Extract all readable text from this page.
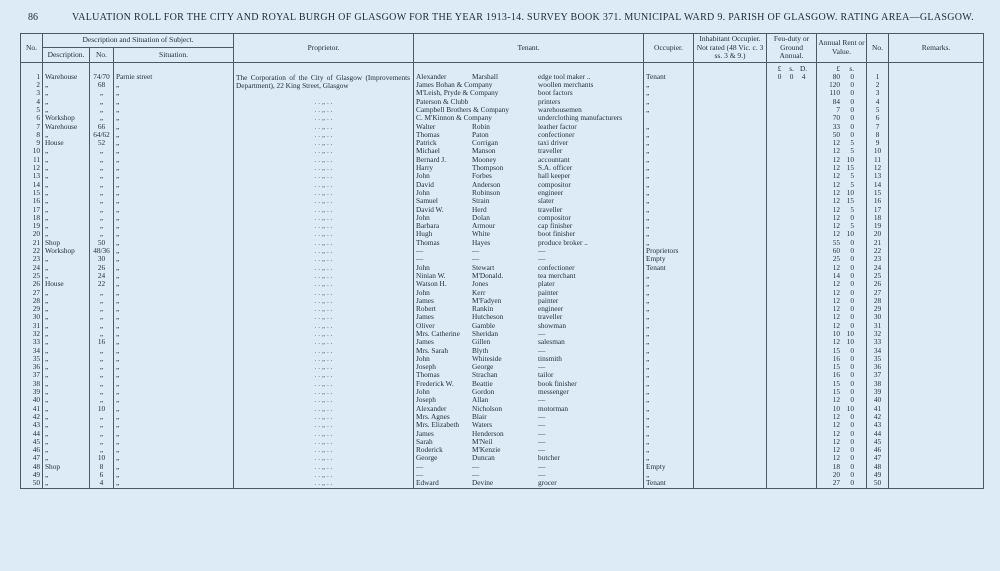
86	VALUATION ROLL FOR THE CITY AND ROYAL BURGH OF GLASGOW FOR THE YEAR 1913-14. SURVEY BOOK 371. MUNICIPAL WARD 9. PARISH OF GLASGOW. RATING AREA—GLASGOW.
No.	Description and Situation of Subject.			Proprietor.	Tenant.	Occupier.	Inhabitant Occupier. Not rated (48 Vic. c. 3 ss. 3 & 9.)	Feu-duty or Ground Annual.	Annual Rent or Value.	No.	Remarks.
	Description.	No.	Situation.								

								£ s. D.	£ s.		

1	Warehouse	74/70	Parnie street	The Corporation of the City of Glasgow (Improvements Department), 22 King Street, Glasgow	Alexander Marshall edge tool maker ..	Tenant		0 0 4	80 0	1	
2	„	68	„		James Bohan & Company woollen merchants	„			120 0	2	
3	„	„	„		M'Leish, Pryde & Company boot factors	„			110 0	3	
4	„	„	„	. . „ . .	Paterson & Clubb printers	„			84 0	4	
5	„	„	„	. . „ . .	Campbell Brothers & Company warehousemen	„			7 0	5	
6	Workshop	„	„	. . „ . .	C. M'Kinnon & Company underclothing manufacturers				70 0	6	
7	Warehouse	66	„	. . „ . .	Walter Robin leather factor	„			33 0	7	
8	„	64/62	„	. . „ . .	Thomas Paton confectioner	„			50 0	8	
9	House	52	„	. . „ . .	Patrick Corrigan taxi driver	„			12 5	9	
10	„	„	„	. . „ . .	Michael Manson traveller	„			12 5	10	
11	„	„	„	. . „ . .	Bernard J. Mooney accountant	„			12 10	11	
12	„	„	„	. . „ . .	Harry Thompson S.A. officer	„			12 15	12	
13	„	„	„	. . „ . .	John Forbes hall keeper	„			12 5	13	
14	„	„	„	. . „ . .	David Anderson compositor	„			12 5	14	
15	„	„	„	. . „ . .	John Robinson engineer	„			12 10	15	
16	„	„	„	. . „ . .	Samuel Strain slater	„			12 15	16	
17	„	„	„	. . „ . .	David W. Herd traveller	„			12 5	17	
18	„	„	„	. . „ . .	John Dolan compositor	„			12 0	18	
19	„	„	„	. . „ . .	Barbara Armour cap finisher	„			12 5	19	
20	„	„	„	. . „ . .	Hugh White boot finisher	„			12 10	20	
21	Shop	50	„	. . „ . .	Thomas Hayes produce broker ..	„			55 0	21	
22	Workshop	48/36	„	. . „ . .	— — —	Proprietors			60 0	22	
23	„	30	„	. . „ . .	— — —	Empty			25 0	23	
24	„	26	„	. . „ . .	John Stewart confectioner	Tenant			12 0	24	
25	„	24	„	. . „ . .	Ninian W. M'Donald. tea merchant	„			14 0	25	
26	House	22	„	. . „ . .	Watson H. Jones plater	„			12 0	26	
27	„	„	„	. . „ . .	John Kerr painter	„			12 0	27	
28	„	„	„	. . „ . .	James M'Fadyen painter	„			12 0	28	
29	„	„	„	. . „ . .	Robert Rankin engineer	„			12 0	29	
30	„	„	„	. . „ . .	James Hutcheson traveller	„			12 0	30	
31	„	„	„	. . „ . .	Oliver Gamble showman	„			12 0	31	
32	„	„	„	. . „ . .	Mrs. Catherine Sheridan —	„			10 10	32	
33	„	16	„	. . „ . .	James Gillen salesman	„			12 10	33	
34	„	„	„	. . „ . .	Mrs. Sarah Blyth —	„			15 0	34	
35	„	„	„	. . „ . .	John Whiteside tinsmith	„			16 0	35	
36	„	„	„	. . „ . .	Joseph George —	„			15 0	36	
37	„	„	„	. . „ . .	Thomas Strachan tailor	„			16 0	37	
38	„	„	„	. . „ . .	Frederick W. Beattie book finisher	„			15 0	38	
39	„	„	„	. . „ . .	John Gordon messenger	„			15 0	39	
40	„	„	„	. . „ . .	Joseph Allan —	„			12 0	40	
41	„	10	„	. . „ . .	Alexander Nicholson motorman	„			10 10	41	
42	„	„	„	. . „ . .	Mrs. Agnes Blair —	„			12 0	42	
43	„	„	„	. . „ . .	Mrs. Elizabeth Waters —	„			12 0	43	
44	„	„	„	. . „ . .	James Henderson —	„			12 0	44	
45	„	„	„	. . „ . .	Sarah M'Neil —	„			12 0	45	
46	„	„	„	. . „ . .	Roderick M'Kenzie —	„			12 0	46	
47	„	10	„	. . „ . .	George Duncan butcher	„			12 0	47	
48	Shop	8	„	. . „ . .	— — —	Empty			18 0	48	
49	„	6	„	. . „ . .	— — —	„			20 0	49	
50	„	4	„	. . „ . .	Edward Devine grocer	Tenant			27 0	50	
